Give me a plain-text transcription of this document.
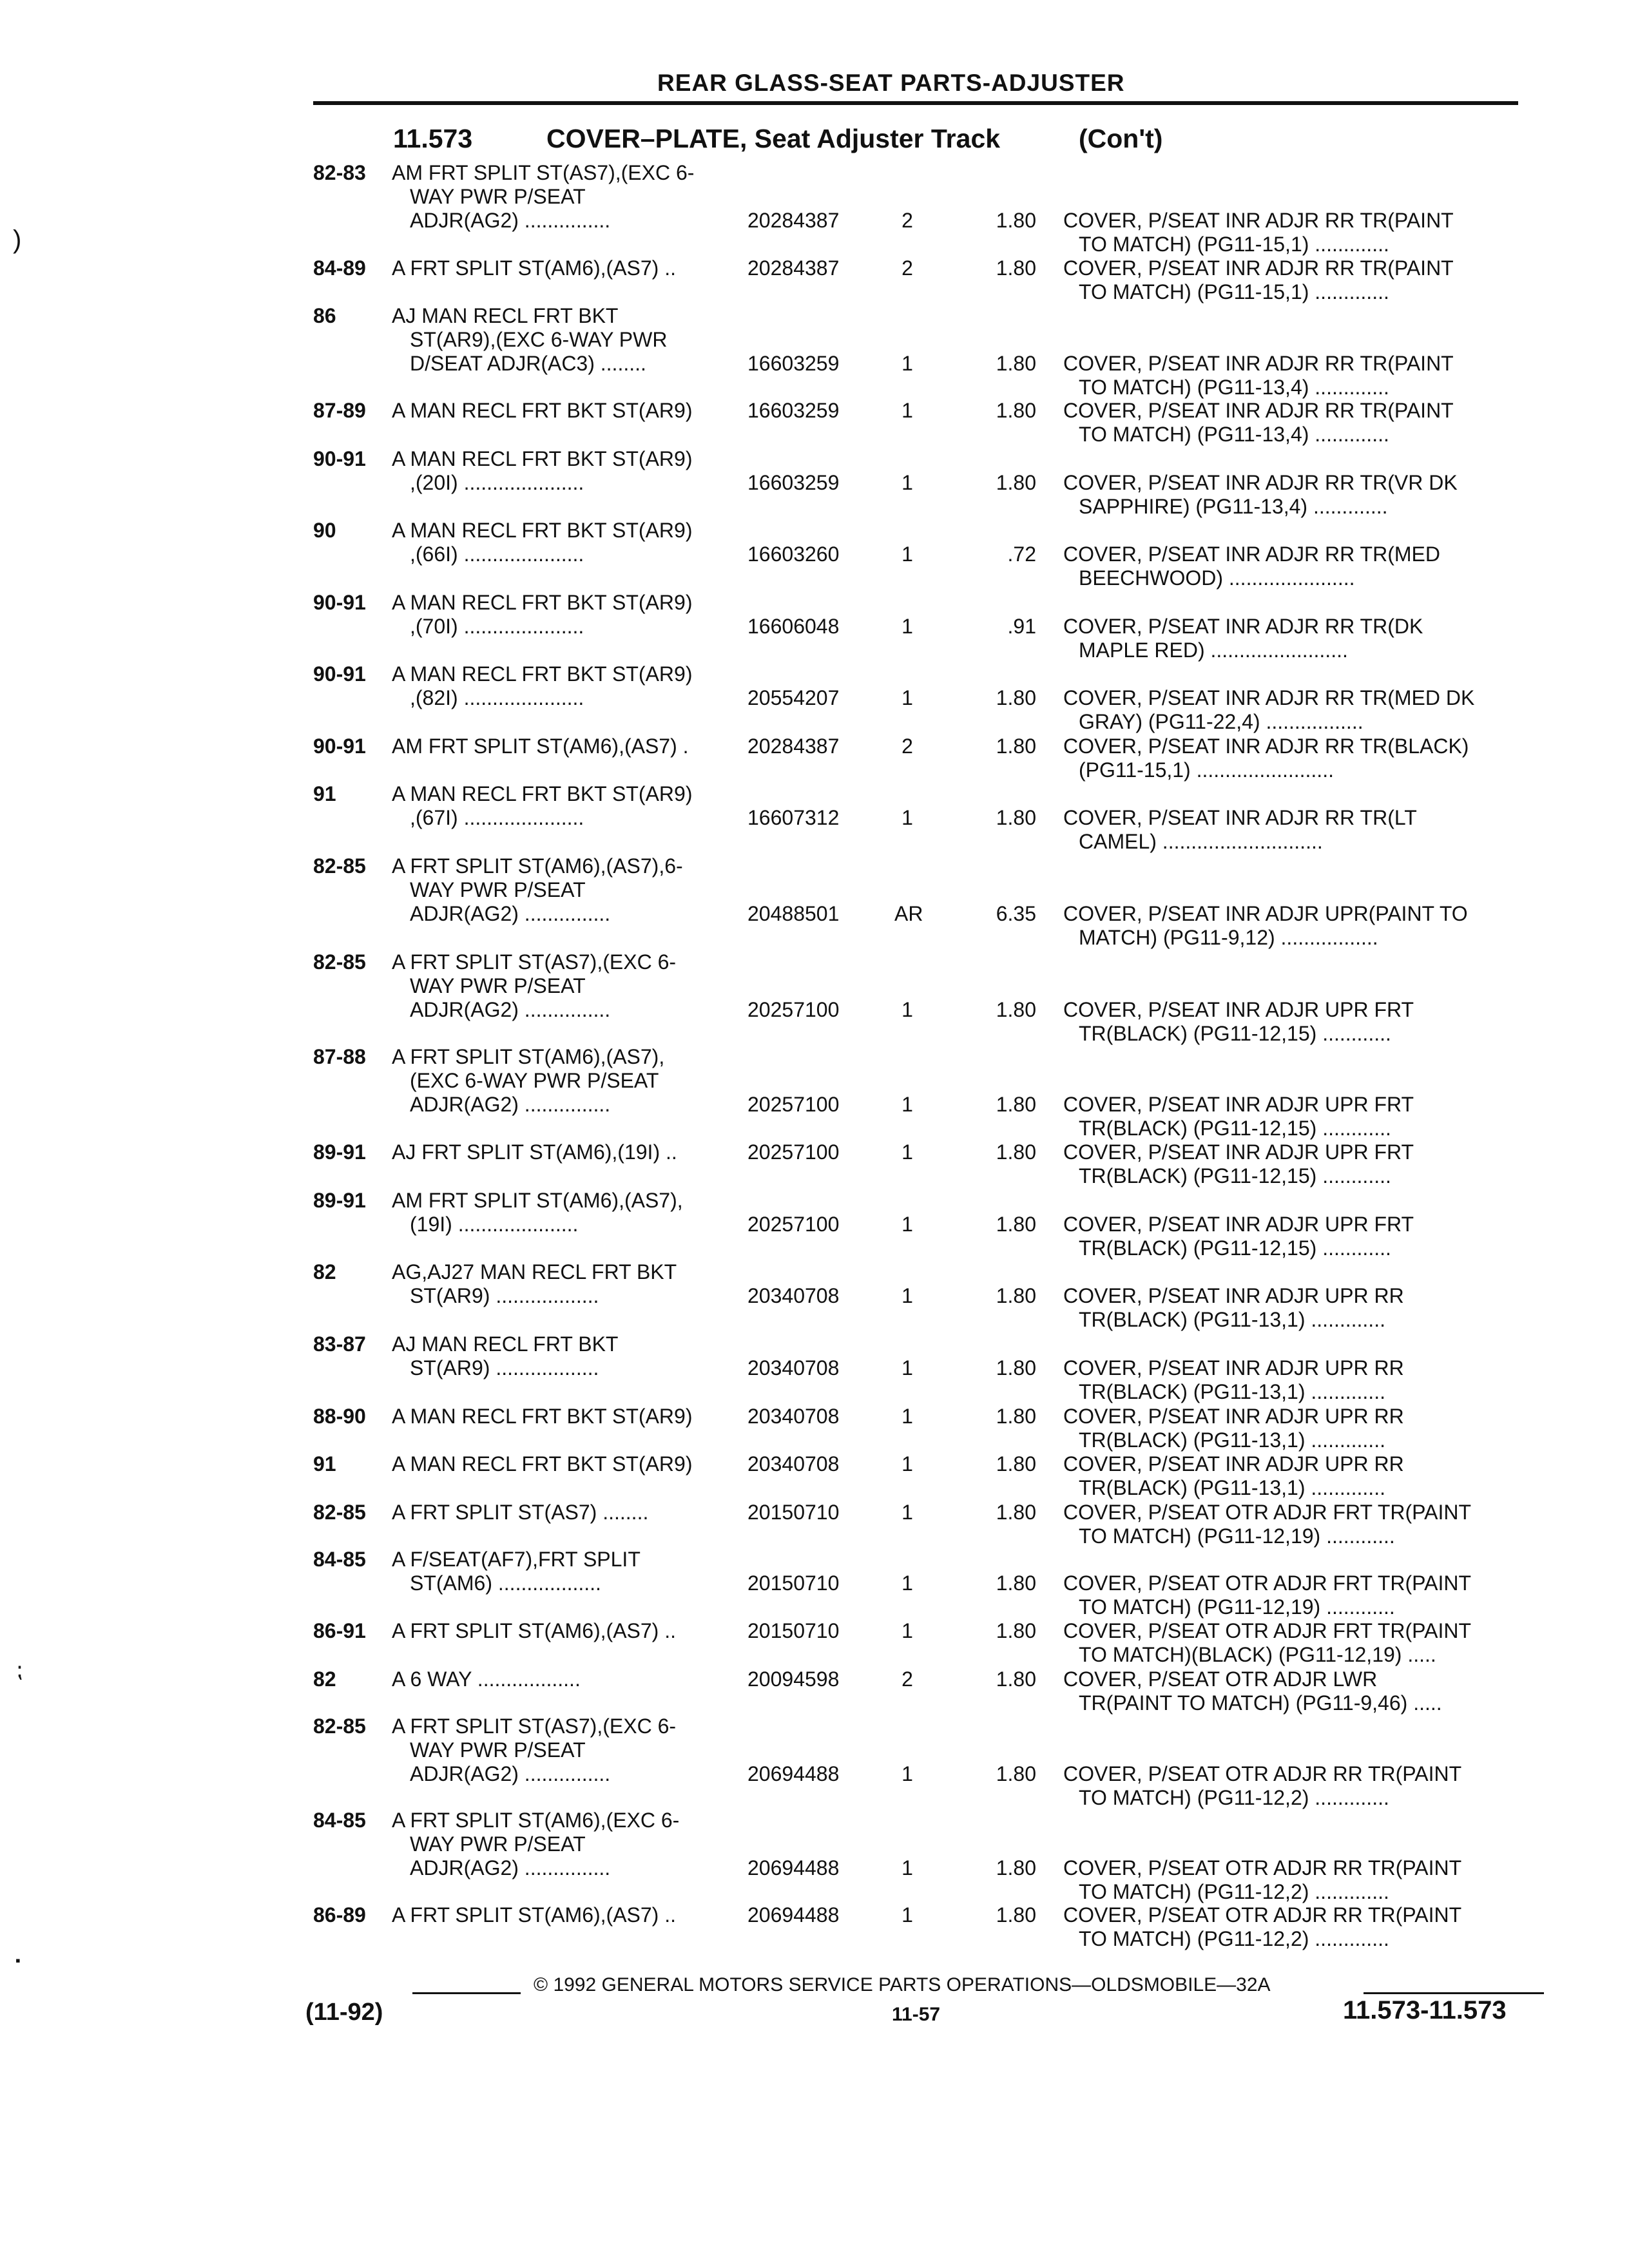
REAR GLASS-SEAT PARTS-ADJUSTER
11.573	COVER–PLATE, Seat Adjuster Track	(Con't)
82-83 AM FRT SPLIT ST(AS7),(EXC 6-
WAY PWR P/SEAT
ADJR(AG2) ...............	20284387	2	1.80 COVER, P/SEAT INR ADJR RR TR(PAINT
TO MATCH) (PG11-15,1) .............
84-89 A FRT SPLIT ST(AM6),(AS7) ..	20284387	2	1.80 COVER, P/SEAT INR ADJR RR TR(PAINT
TO MATCH) (PG11-15,1) .............
86	AJ MAN RECL FRT BKT
ST(AR9),(EXC 6-WAY PWR
D/SEAT ADJR(AC3) ........	16603259	1	1.80 COVER, P/SEAT INR ADJR RR TR(PAINT
TO MATCH) (PG11-13,4) .............
87-89 A MAN RECL FRT BKT ST(AR9)	16603259	1	1.80 COVER, P/SEAT INR ADJR RR TR(PAINT
TO MATCH) (PG11-13,4) .............
90-91 A MAN RECL FRT BKT ST(AR9)
,(20I) .....................	16603259	1	1.80 COVER, P/SEAT INR ADJR RR TR(VR DK
SAPPHIRE) (PG11-13,4) .............
90	A MAN RECL FRT BKT ST(AR9)
,(66I) .....................	16603260	1	.72 COVER, P/SEAT INR ADJR RR TR(MED
BEECHWOOD) ......................
90-91 A MAN RECL FRT BKT ST(AR9)
,(70I) .....................	16606048	1	.91 COVER, P/SEAT INR ADJR RR TR(DK
MAPLE RED) ........................
90-91 A MAN RECL FRT BKT ST(AR9)
,(82I) .....................	20554207	1	1.80 COVER, P/SEAT INR ADJR RR TR(MED DK
GRAY) (PG11-22,4) .................
90-91 AM FRT SPLIT ST(AM6),(AS7) .	20284387	2	1.80 COVER, P/SEAT INR ADJR RR TR(BLACK)
(PG11-15,1) ........................
91	A MAN RECL FRT BKT ST(AR9)
,(67I) .....................	16607312	1	1.80 COVER, P/SEAT INR ADJR RR TR(LT
CAMEL) ............................
82-85 A FRT SPLIT ST(AM6),(AS7),6-
WAY PWR P/SEAT
ADJR(AG2) ...............	20488501	AR	6.35 COVER, P/SEAT INR ADJR UPR(PAINT TO
MATCH) (PG11-9,12) .................
82-85 A FRT SPLIT ST(AS7),(EXC 6-
WAY PWR P/SEAT
ADJR(AG2) ...............	20257100	1	1.80 COVER, P/SEAT INR ADJR UPR FRT
TR(BLACK) (PG11-12,15) ............
87-88 A FRT SPLIT ST(AM6),(AS7),
(EXC 6-WAY PWR P/SEAT
ADJR(AG2) ...............	20257100	1	1.80 COVER, P/SEAT INR ADJR UPR FRT
TR(BLACK) (PG11-12,15) ............
89-91 AJ FRT SPLIT ST(AM6),(19I) ..	20257100	1	1.80 COVER, P/SEAT INR ADJR UPR FRT
TR(BLACK) (PG11-12,15) ............
89-91 AM FRT SPLIT ST(AM6),(AS7),
(19I) .....................	20257100	1	1.80 COVER, P/SEAT INR ADJR UPR FRT
TR(BLACK) (PG11-12,15) ............
82	AG,AJ27 MAN RECL FRT BKT
ST(AR9) ..................	20340708	1	1.80 COVER, P/SEAT INR ADJR UPR RR
TR(BLACK) (PG11-13,1) .............
83-87 AJ MAN RECL FRT BKT
ST(AR9) ..................	20340708	1	1.80 COVER, P/SEAT INR ADJR UPR RR
TR(BLACK) (PG11-13,1) .............
88-90 A MAN RECL FRT BKT ST(AR9)	20340708	1	1.80 COVER, P/SEAT INR ADJR UPR RR
TR(BLACK) (PG11-13,1) .............
91	A MAN RECL FRT BKT ST(AR9)	20340708	1	1.80 COVER, P/SEAT INR ADJR UPR RR
TR(BLACK) (PG11-13,1) .............
82-85 A FRT SPLIT ST(AS7) ........	20150710	1	1.80 COVER, P/SEAT OTR ADJR FRT TR(PAINT
TO MATCH) (PG11-12,19) ............
84-85 A F/SEAT(AF7),FRT SPLIT
ST(AM6) ..................	20150710	1	1.80 COVER, P/SEAT OTR ADJR FRT TR(PAINT
TO MATCH) (PG11-12,19) ............
86-91 A FRT SPLIT ST(AM6),(AS7) ..	20150710	1	1.80 COVER, P/SEAT OTR ADJR FRT TR(PAINT
TO MATCH)(BLACK) (PG11-12,19) .....
82	A 6 WAY ..................	20094598	2	1.80 COVER, P/SEAT OTR ADJR LWR
TR(PAINT TO MATCH) (PG11-9,46) .....
82-85 A FRT SPLIT ST(AS7),(EXC 6-
WAY PWR P/SEAT
ADJR(AG2) ...............	20694488	1	1.80 COVER, P/SEAT OTR ADJR RR TR(PAINT
TO MATCH) (PG11-12,2) .............
84-85 A FRT SPLIT ST(AM6),(EXC 6-
WAY PWR P/SEAT
ADJR(AG2) ...............	20694488	1	1.80 COVER, P/SEAT OTR ADJR RR TR(PAINT
TO MATCH) (PG11-12,2) .............
86-89 A FRT SPLIT ST(AM6),(AS7) ..	20694488	1	1.80 COVER, P/SEAT OTR ADJR RR TR(PAINT
TO MATCH) (PG11-12,2) .............
)
⁏
▪
© 1992 GENERAL MOTORS SERVICE PARTS OPERATIONS—OLDSMOBILE—32A
(11-92)	11-57	11.573-11.573
